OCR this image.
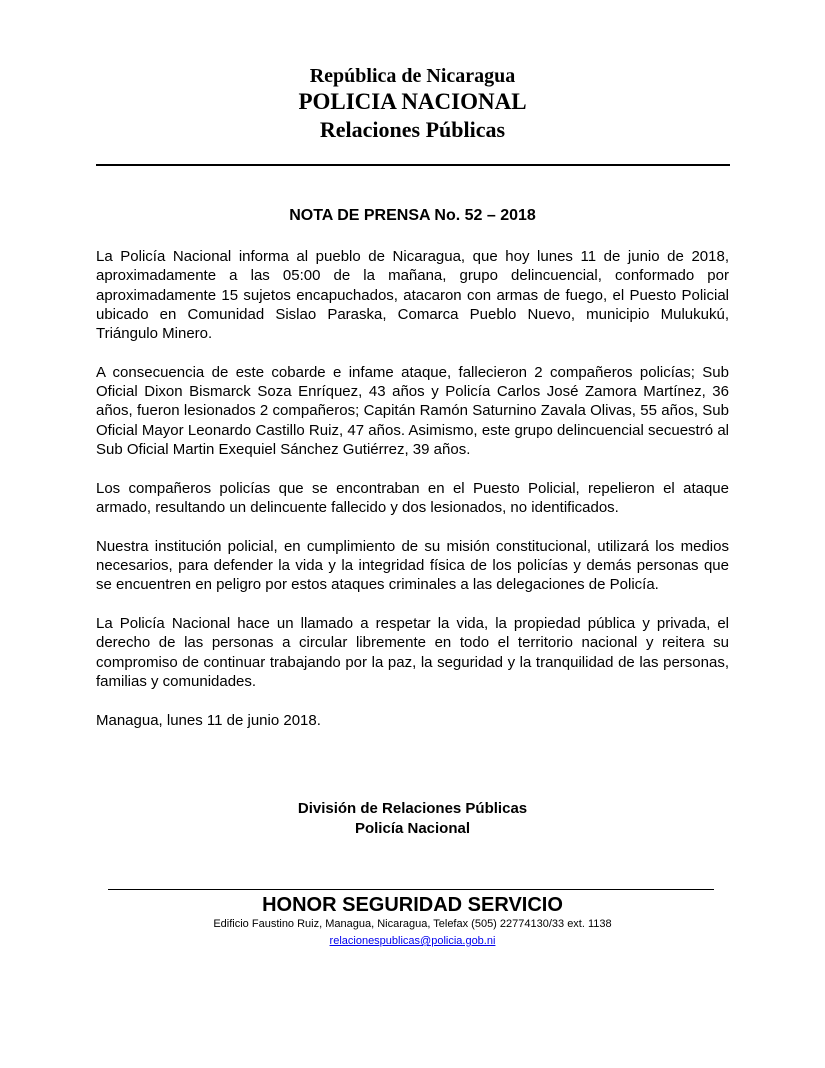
República de Nicaragua
POLICIA NACIONAL
Relaciones Públicas
NOTA DE PRENSA No. 52 – 2018

La Policía Nacional informa al pueblo de Nicaragua, que hoy lunes 11 de junio de 2018, aproximadamente a las 05:00 de la mañana, grupo delincuencial, conformado por aproximadamente 15 sujetos encapuchados, atacaron con armas de fuego, el Puesto Policial ubicado en Comunidad Sislao Paraska, Comarca Pueblo Nuevo, municipio Mulukukú, Triángulo Minero.

A consecuencia de este cobarde e infame ataque, fallecieron 2 compañeros policías; Sub Oficial Dixon Bismarck Soza Enríquez, 43 años y Policía Carlos José Zamora Martínez, 36 años, fueron lesionados 2 compañeros; Capitán Ramón Saturnino Zavala Olivas, 55 años, Sub Oficial Mayor Leonardo Castillo Ruiz, 47 años. Asimismo, este grupo delincuencial secuestró al Sub Oficial Martin Exequiel Sánchez Gutiérrez, 39 años.

Los compañeros policías que se encontraban en el Puesto Policial, repelieron el ataque armado, resultando un delincuente fallecido y dos lesionados, no identificados.

Nuestra institución policial, en cumplimiento de su misión constitucional, utilizará los medios necesarios, para defender la vida y la integridad física de los policías y demás personas que se encuentren en peligro por estos ataques criminales a las delegaciones de Policía.

La Policía Nacional hace un llamado a respetar la vida, la propiedad pública y privada, el derecho de las personas a circular libremente en todo el territorio nacional y reitera su compromiso de continuar trabajando por la paz, la seguridad y la tranquilidad de las personas, familias y comunidades.

Managua, lunes 11 de junio 2018.

División de Relaciones Públicas
Policía Nacional
HONOR SEGURIDAD SERVICIO
Edificio Faustino Ruiz, Managua, Nicaragua, Telefax (505) 22774130/33 ext. 1138
relacionespublicas@policia.gob.ni
